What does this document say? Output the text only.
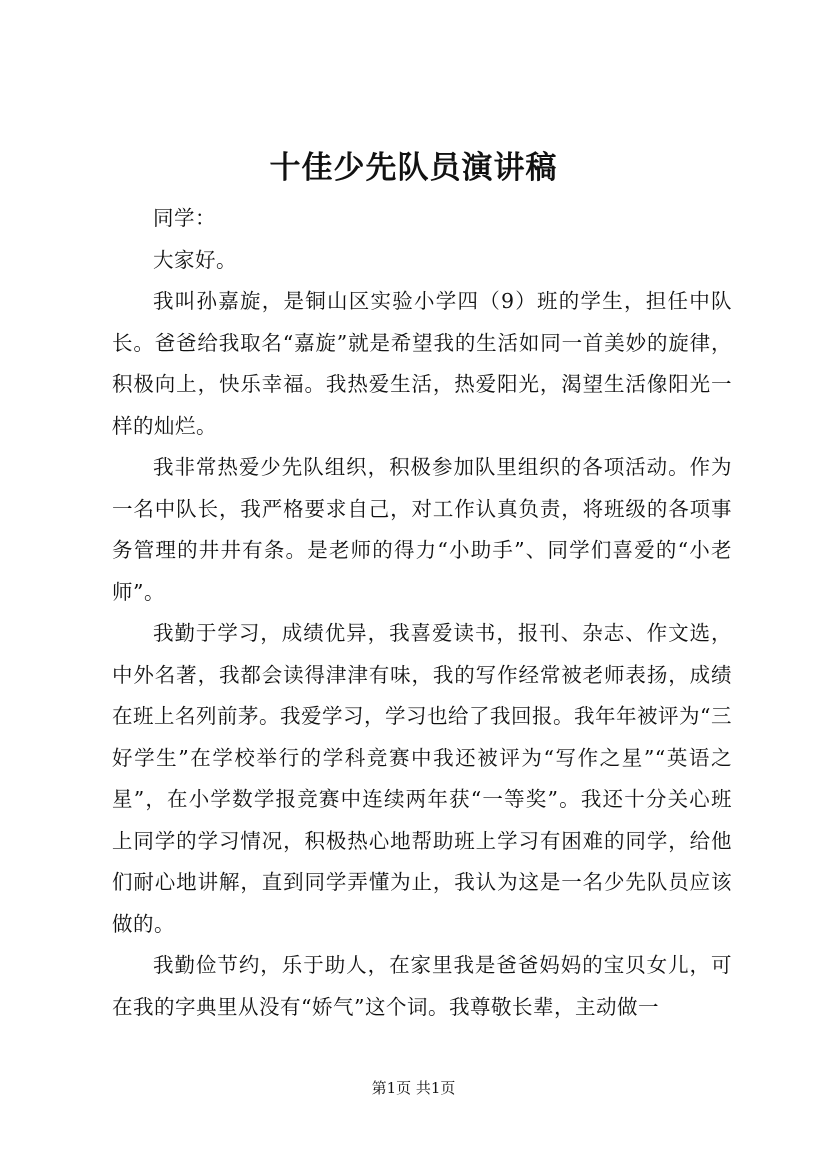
十佳少先队员演讲稿

同学：

大家好。

我叫孙嘉旋，是铜山区实验小学四（9）班的学生，担任中队长。爸爸给我取名“嘉旋”就是希望我的生活如同一首美妙的旋律，积极向上，快乐幸福。我热爱生活，热爱阳光，渴望生活像阳光一样的灿烂。

我非常热爱少先队组织，积极参加队里组织的各项活动。作为一名中队长，我严格要求自己，对工作认真负责，将班级的各项事务管理的井井有条。是老师的得力“小助手”、同学们喜爱的“小老师”。

我勤于学习，成绩优异，我喜爱读书，报刊、杂志、作文选，中外名著，我都会读得津津有味，我的写作经常被老师表扬，成绩在班上名列前茅。我爱学习，学习也给了我回报。我年年被评为“三好学生”在学校举行的学科竞赛中我还被评为“写作之星”“英语之星”，在小学数学报竞赛中连续两年获“一等奖”。我还十分关心班上同学的学习情况，积极热心地帮助班上学习有困难的同学，给他们耐心地讲解，直到同学弄懂为止，我认为这是一名少先队员应该做的。

我勤俭节约，乐于助人，在家里我是爸爸妈妈的宝贝女儿，可在我的字典里从没有“娇气”这个词。我尊敬长辈，主动做一

第1页 共1页
